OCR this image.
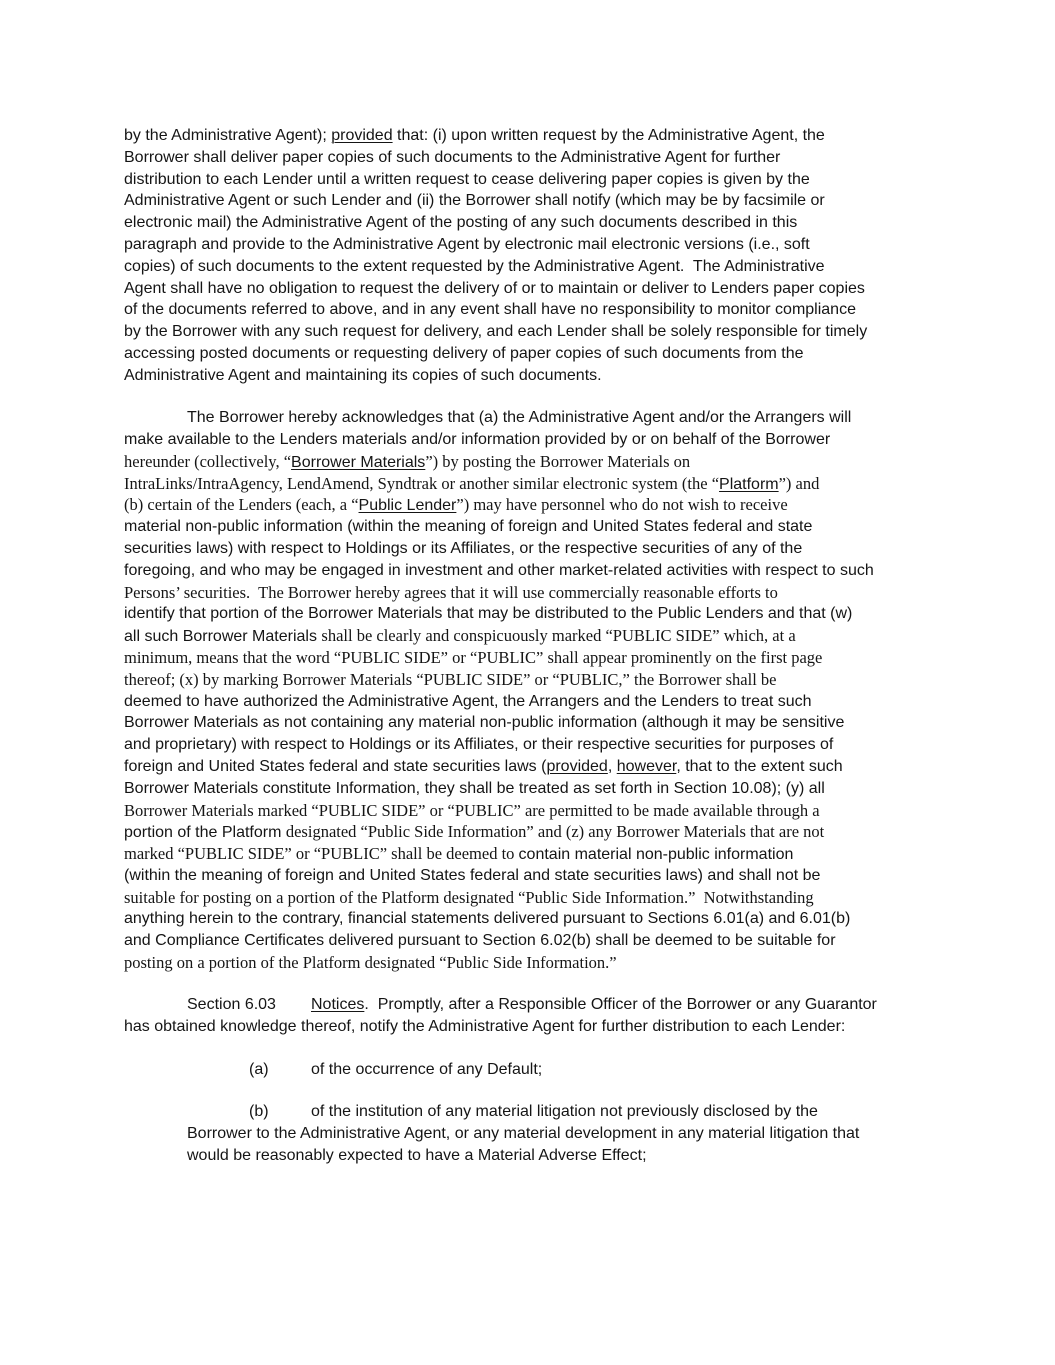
by the Administrative Agent); provided that: (i) upon written request by the Administrative Agent, the
Borrower shall deliver paper copies of such documents to the Administrative Agent for further
distribution to each Lender until a written request to cease delivering paper copies is given by the
Administrative Agent or such Lender and (ii) the Borrower shall notify (which may be by facsimile or
electronic mail) the Administrative Agent of the posting of any such documents described in this
paragraph and provide to the Administrative Agent by electronic mail electronic versions (i.e., soft
copies) of such documents to the extent requested by the Administrative Agent.  The Administrative
Agent shall have no obligation to request the delivery of or to maintain or deliver to Lenders paper copies
of the documents referred to above, and in any event shall have no responsibility to monitor compliance
by the Borrower with any such request for delivery, and each Lender shall be solely responsible for timely
accessing posted documents or requesting delivery of paper copies of such documents from the
Administrative Agent and maintaining its copies of such documents.
The Borrower hereby acknowledges that (a) the Administrative Agent and/or the Arrangers will
make available to the Lenders materials and/or information provided by or on behalf of the Borrower
hereunder (collectively, “Borrower Materials”) by posting the Borrower Materials on
IntraLinks/IntraAgency, LendAmend, Syndtrak or another similar electronic system (the “Platform”) and
(b) certain of the Lenders (each, a “Public Lender”) may have personnel who do not wish to receive
material non-public information (within the meaning of foreign and United States federal and state
securities laws) with respect to Holdings or its Affiliates, or the respective securities of any of the
foregoing, and who may be engaged in investment and other market-related activities with respect to such
Persons’ securities.  The Borrower hereby agrees that it will use commercially reasonable efforts to
identify that portion of the Borrower Materials that may be distributed to the Public Lenders and that (w)
all such Borrower Materials shall be clearly and conspicuously marked “PUBLIC SIDE” which, at a
minimum, means that the word “PUBLIC SIDE” or “PUBLIC” shall appear prominently on the first page
thereof; (x) by marking Borrower Materials “PUBLIC SIDE” or “PUBLIC,” the Borrower shall be
deemed to have authorized the Administrative Agent, the Arrangers and the Lenders to treat such
Borrower Materials as not containing any material non-public information (although it may be sensitive
and proprietary) with respect to Holdings or its Affiliates, or their respective securities for purposes of
foreign and United States federal and state securities laws (provided, however, that to the extent such
Borrower Materials constitute Information, they shall be treated as set forth in Section 10.08); (y) all
Borrower Materials marked “PUBLIC SIDE” or “PUBLIC” are permitted to be made available through a
portion of the Platform designated “Public Side Information” and (z) any Borrower Materials that are not
marked “PUBLIC SIDE” or “PUBLIC” shall be deemed to contain material non-public information
(within the meaning of foreign and United States federal and state securities laws) and shall not be
suitable for posting on a portion of the Platform designated “Public Side Information.”  Notwithstanding
anything herein to the contrary, financial statements delivered pursuant to Sections 6.01(a) and 6.01(b)
and Compliance Certificates delivered pursuant to Section 6.02(b) shall be deemed to be suitable for
posting on a portion of the Platform designated “Public Side Information.”
Section 6.03 Notices.  Promptly, after a Responsible Officer of the Borrower or any Guarantor
has obtained knowledge thereof, notify the Administrative Agent for further distribution to each Lender:
(a)	of the occurrence of any Default;
(b)	of the institution of any material litigation not previously disclosed by the
Borrower to the Administrative Agent, or any material development in any material litigation that
would be reasonably expected to have a Material Adverse Effect;
